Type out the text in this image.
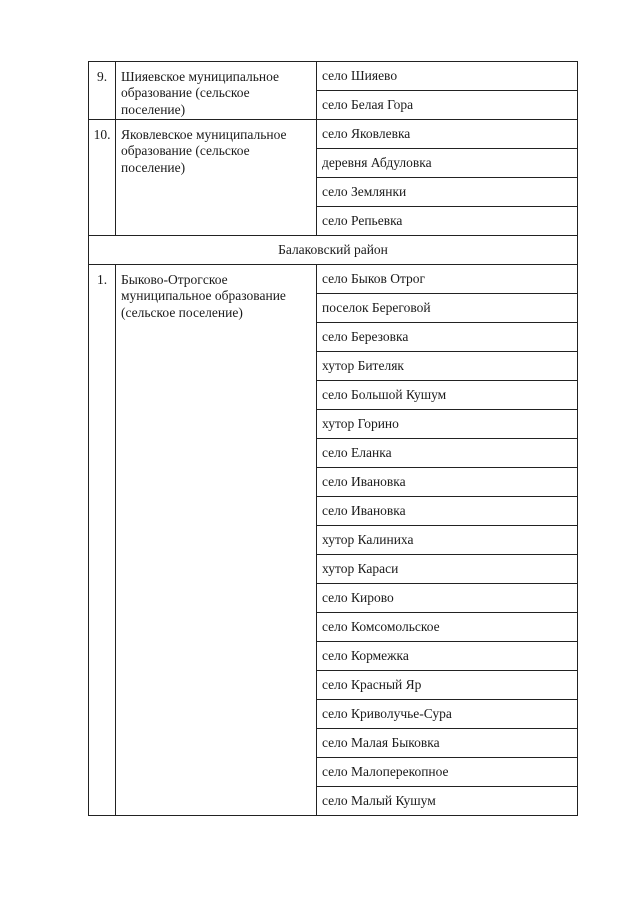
9.	Шияевское муниципальное образование (сельское поселение)	село Шияево
		село Белая Гора
10.	Яковлевское муниципальное образование (сельское поселение)	село Яковлевка
		деревня Абдуловка
		село Землянки
		село Репьевка
Балаковский район		
1.	Быково-Отрогское муниципальное образование (сельское поселение)	село Быков Отрог
		поселок Береговой
		село Березовка
		хутор Бителяк
		село Большой Кушум
		хутор Горино
		село Еланка
		село Ивановка
		село Ивановка
		хутор Калиниха
		хутор Караси
		село Кирово
		село Комсомольское
		село Кормежка
		село Красный Яр
		село Криволучье-Сура
		село Малая Быковка
		село Малоперекопное
		село Малый Кушум
